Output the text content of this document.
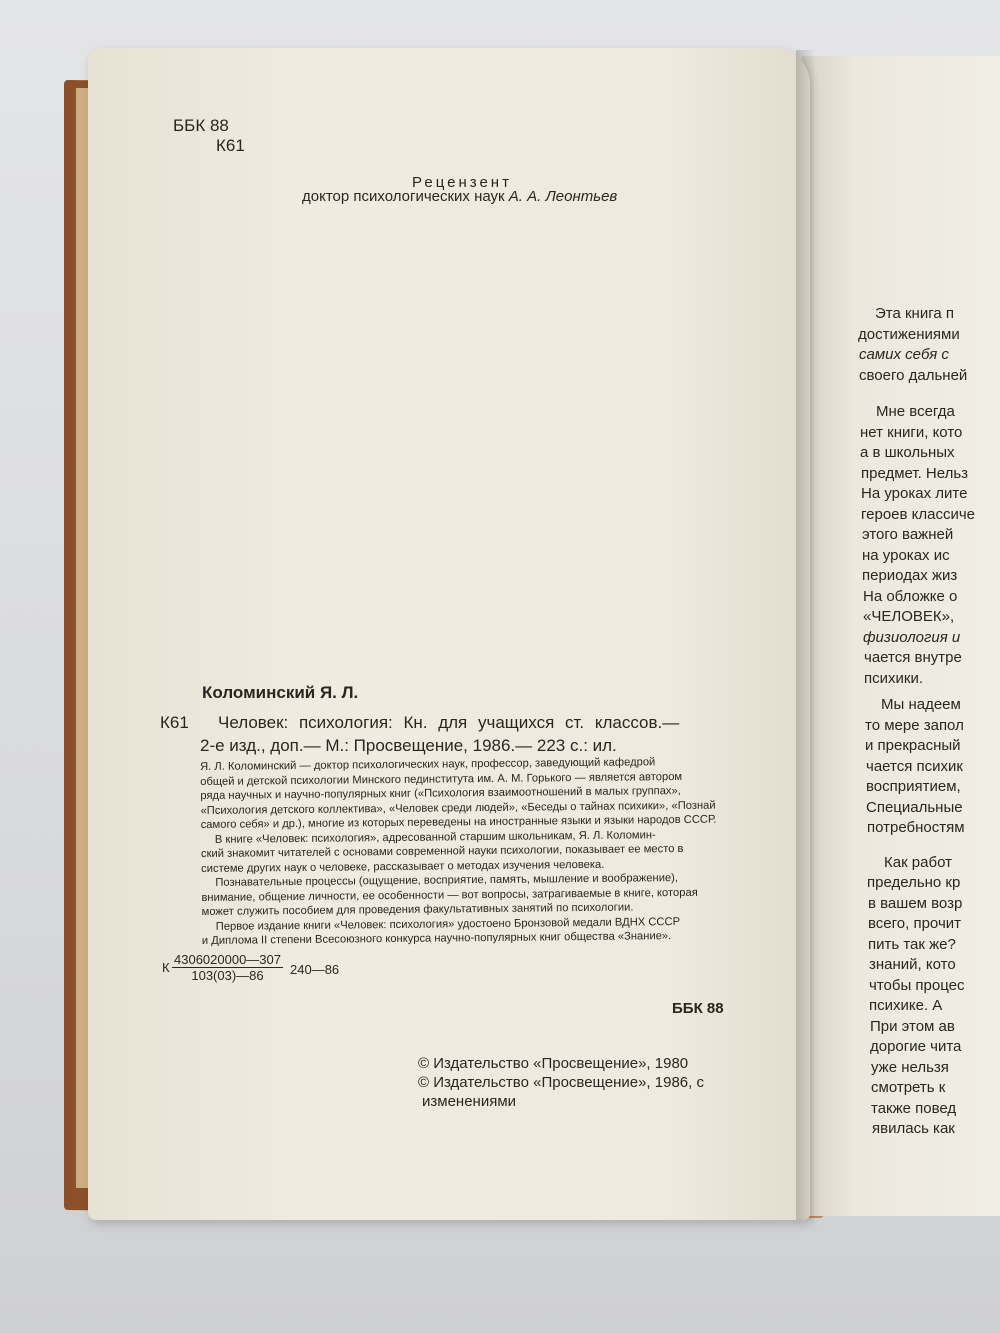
ББК 88
К61
Рецензент
доктор психологических наук А. А. Леонтьев
Коломинский Я. Л.
К61 Человек: психология: Кн. для учащихся ст. классов.—
2-е изд., доп.— М.: Просвещение, 1986.— 223 с.: ил.
Я. Л. Коломинский — доктор психологических наук, профессор, заведующий кафедрой
общей и детской психологии Минского пединститута им. А. М. Горького — является автором
ряда научных и научно-популярных книг («Психология взаимоотношений в малых группах»,
«Психология детского коллектива», «Человек среди людей», «Беседы о тайнах психики», «Познай
самого себя» и др.), многие из которых переведены на иностранные языки и языки народов СССР.
В книге «Человек: психология», адресованной старшим школьникам, Я. Л. Коломин-
ский знакомит читателей с основами современной науки психологии, показывает ее место в
системе других наук о человеке, рассказывает о методах изучения человека.
Познавательные процессы (ощущение, восприятие, память, мышление и воображение),
внимание, общение личности, ее особенности — вот вопросы, затрагиваемые в книге, которая
может служить пособием для проведения факультативных занятий по психологии.
Первое издание книги «Человек: психология» удостоено Бронзовой медали ВДНХ СССР
и Диплома II степени Всесоюзного конкурса научно-популярных книг общества «Знание».
К $\frac{4306020000—307}{103(03)—86}$ 240—86
ББК 88
© Издательство «Просвещение», 1980
© Издательство «Просвещение», 1986, с
изменениями
Эта книга п
достижениями
самих себя с
своего дальней
Мне всегда
нет книги, кото
а в школьных
предмет. Нельз
На уроках лите
героев классиче
этого важней
на уроках ис
периодах жиз
На обложке о
«ЧЕЛОВЕК»,
физиология и
чается внутре
психики.
Мы надеем
то мере запол
и прекрасный
чается психик
восприятием,
Специальные
потребностям
Как работ
предельно кр
в вашем возр
всего, прочит
пить так же?
знаний, кото
чтобы процес
психике. А
При этом ав
дорогие чита
уже нельзя
смотреть к
также повед
явилась как
